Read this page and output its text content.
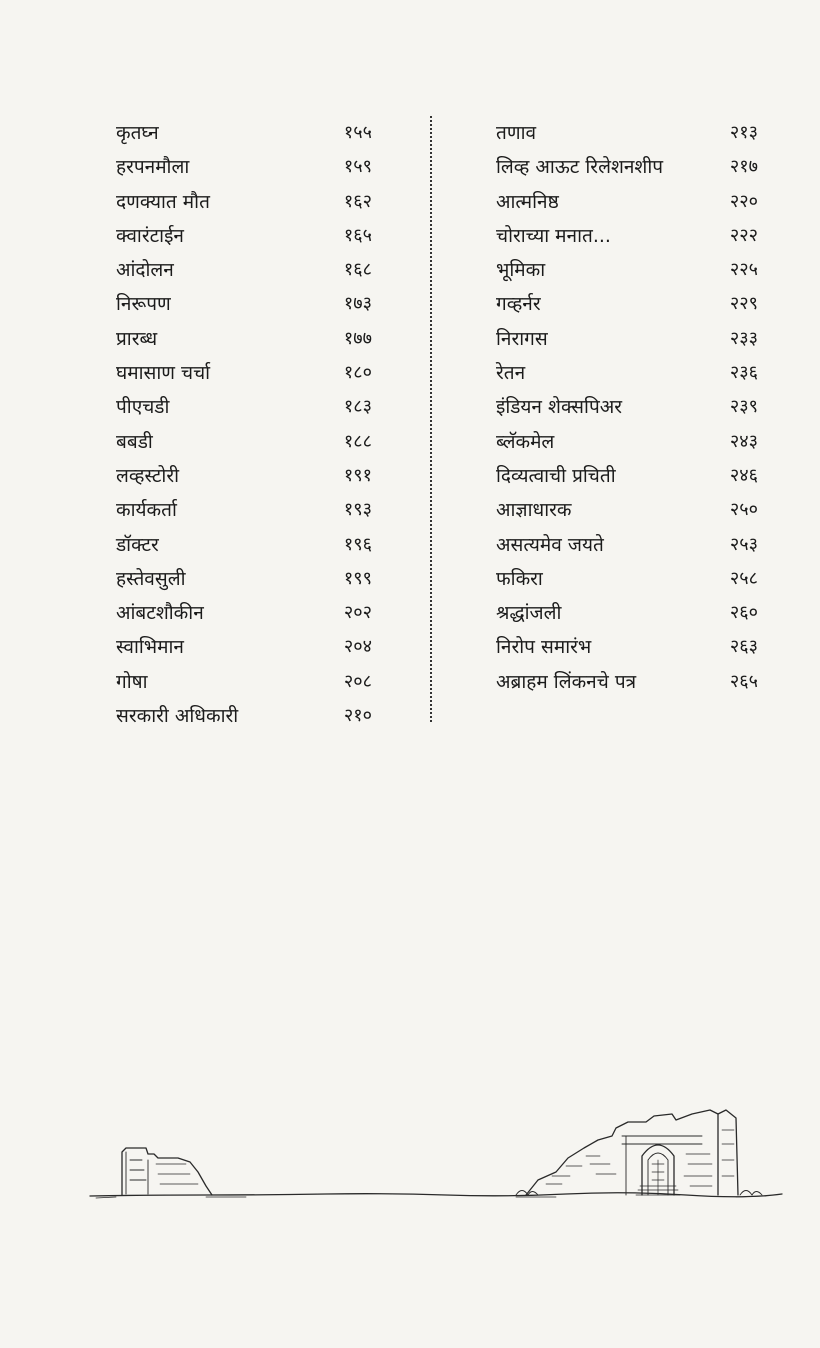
कृतघ्न	१५५
हरपनमौला	१५९
दणक्यात मौत	१६२
क्वारंटाईन	१६५
आंदोलन	१६८
निरूपण	१७३
प्रारब्ध	१७७
घमासाण चर्चा	१८०
पीएचडी	१८३
बबडी	१८८
लव्हस्टोरी	१९१
कार्यकर्ता	१९३
डॉक्टर	१९६
हस्तेवसुली	१९९
आंबटशौकीन	२०२
स्वाभिमान	२०४
गोषा	२०८
सरकारी अधिकारी	२१०
तणाव	२१३
लिव्ह आऊट रिलेशनशीप	२१७
आत्मनिष्ठ	२२०
चोराच्या मनात...	२२२
भूमिका	२२५
गव्हर्नर	२२९
निरागस	२३३
रेतन	२३६
इंडियन शेक्सपिअर	२३९
ब्लॅकमेल	२४३
दिव्यत्वाची प्रचिती	२४६
आज्ञाधारक	२५०
असत्यमेव जयते	२५३
फकिरा	२५८
श्रद्धांजली	२६०
निरोप समारंभ	२६३
अब्राहम लिंकनचे पत्र	२६५
